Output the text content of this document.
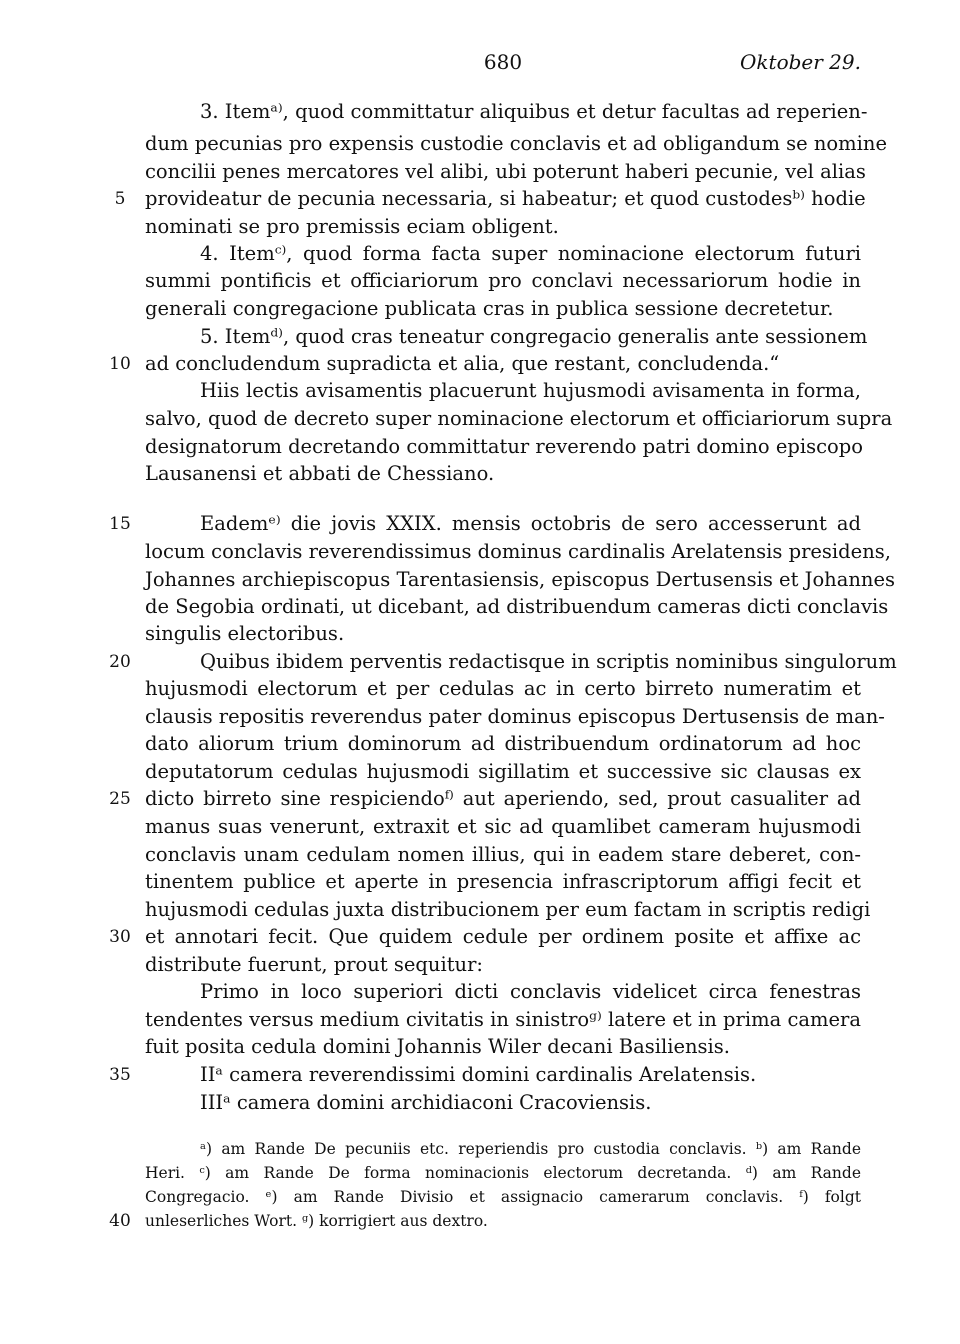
680	Oktober 29.
3. Itemᵃ⁾, quod committatur aliquibus et detur facultas ad reperien-
dum pecunias pro expensis custodie conclavis et ad obligandum se nomine
concilii penes mercatores vel alibi, ubi poterunt haberi pecunie, vel alias
provideatur de pecunia necessaria, si habeatur; et quod custodesᵇ⁾ hodie
nominati se pro premissis eciam obligent.
4. Itemᶜ⁾, quod forma facta super nominacione electorum futuri
summi pontificis et officiariorum pro conclavi necessariorum hodie in
generali congregacione publicata cras in publica sessione decretetur.
5. Itemᵈ⁾, quod cras teneatur congregacio generalis ante sessionem
ad concludendum supradicta et alia, que restant, concludenda.“
Hiis lectis avisamentis placuerunt hujusmodi avisamenta in forma,
salvo, quod de decreto super nominacione electorum et officiariorum supra
designatorum decretando committatur reverendo patri domino episcopo
Lausanensi et abbati de Chessiano.
Eademᵉ⁾ die jovis XXIX. mensis octobris de sero accesserunt ad
locum conclavis reverendissimus dominus cardinalis Arelatensis presidens,
Johannes archiepiscopus Tarentasiensis, episcopus Dertusensis et Johannes
de Segobia ordinati, ut dicebant, ad distribuendum cameras dicti conclavis
singulis electoribus.
Quibus ibidem perventis redactisque in scriptis nominibus singulorum
hujusmodi electorum et per cedulas ac in certo birreto numeratim et
clausis repositis reverendus pater dominus episcopus Dertusensis de man-
dato aliorum trium dominorum ad distribuendum ordinatorum ad hoc
deputatorum cedulas hujusmodi sigillatim et successive sic clausas ex
dicto birreto sine respiciendoᶠ⁾ aut aperiendo, sed, prout casualiter ad
manus suas venerunt, extraxit et sic ad quamlibet cameram hujusmodi
conclavis unam cedulam nomen illius, qui in eadem stare deberet, con-
tinentem publice et aperte in presencia infrascriptorum affigi fecit et
hujusmodi cedulas juxta distribucionem per eum factam in scriptis redigi
et annotari fecit. Que quidem cedule per ordinem posite et affixe ac
distribute fuerunt, prout sequitur:
Primo in loco superiori dicti conclavis videlicet circa fenestras
tendentes versus medium civitatis in sinistroᵍ⁾ latere et in prima camera
fuit posita cedula domini Johannis Wiler decani Basiliensis.
IIᵃ camera reverendissimi domini cardinalis Arelatensis.
IIIᵃ camera domini archidiaconi Cracoviensis.
5
10
15
20
25
30
35
40
ᵃ) am Rande De pecuniis etc. reperiendis pro custodia conclavis. ᵇ) am Rande
Heri. ᶜ) am Rande De forma nominacionis electorum decretanda. ᵈ) am Rande
Congregacio. ᵉ) am Rande Divisio et assignacio camerarum conclavis. ᶠ) folgt
unleserliches Wort. ᵍ) korrigiert aus dextro.
